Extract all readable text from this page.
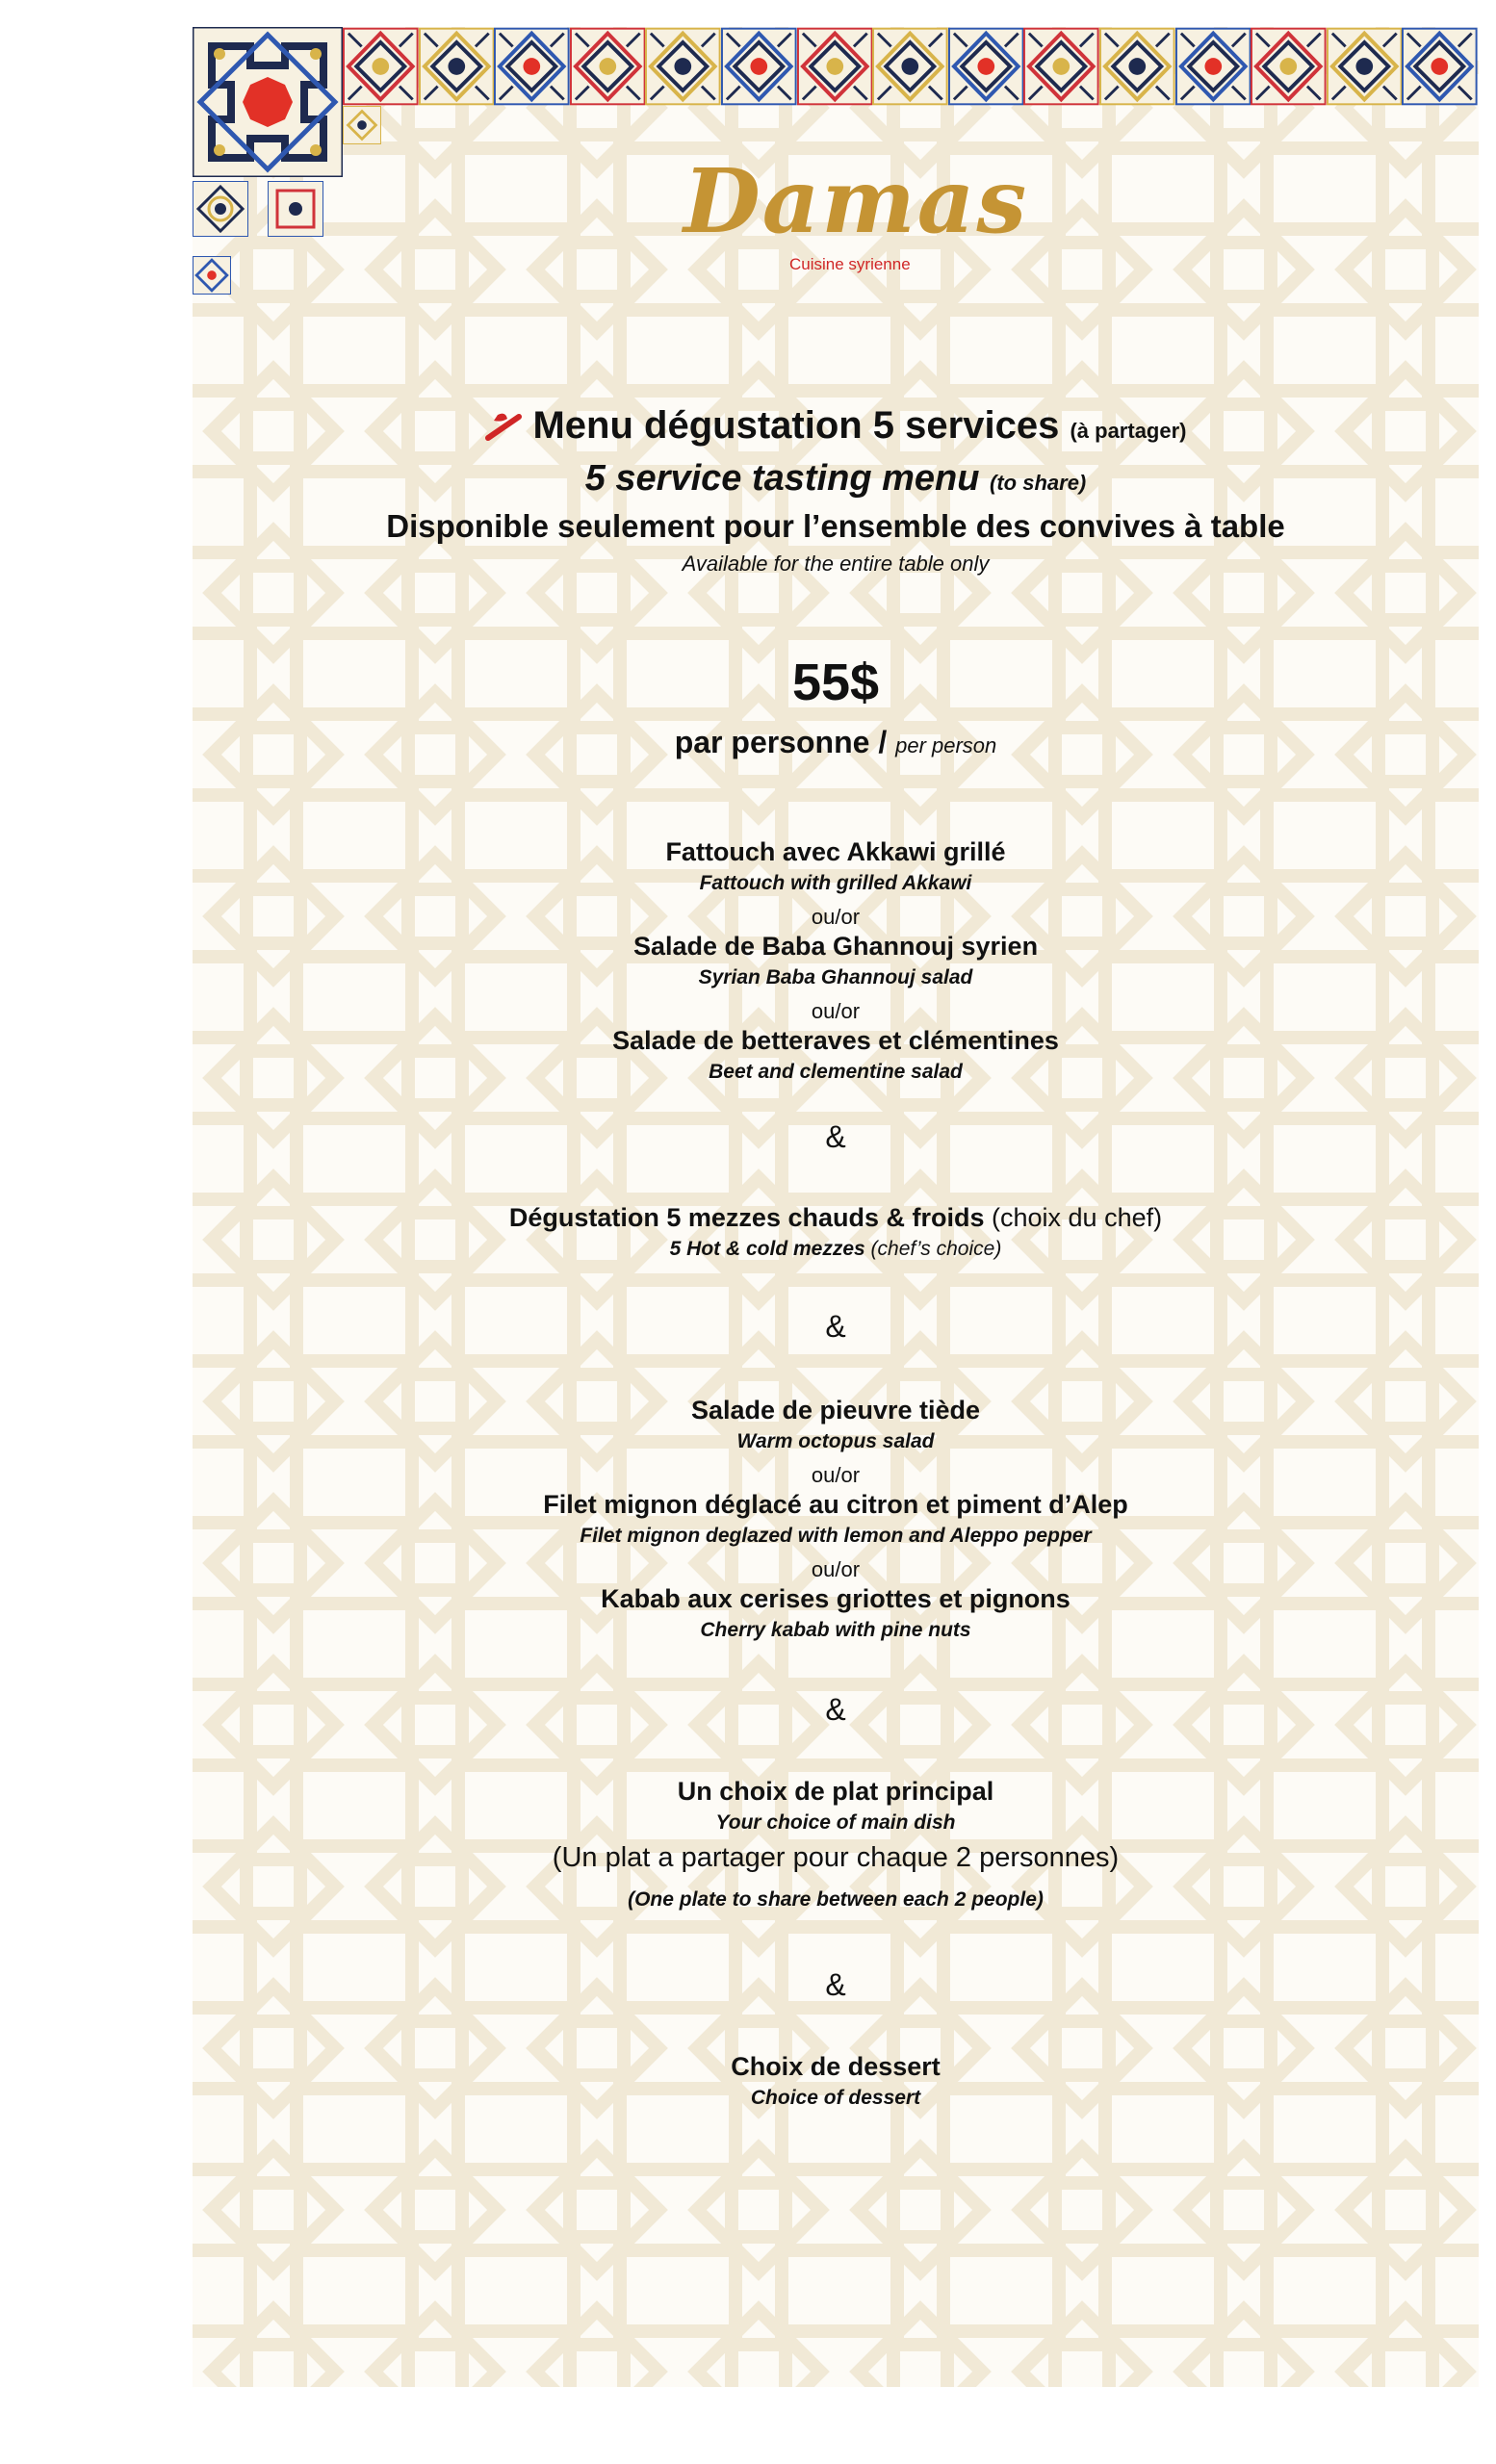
Damas
Cuisine syrienne
Menu dégustation 5 services (à partager)
5 service tasting menu (to share)
Disponible seulement pour l’ensemble des convives à table
Available for the entire table only
55$
par personne / per person
Fattouch avec Akkawi grillé
Fattouch with grilled Akkawi
ou/or
Salade de Baba Ghannouj syrien
Syrian Baba Ghannouj salad
ou/or
Salade de betteraves et clémentines
Beet and clementine salad
&
Dégustation 5 mezzes chauds & froids (choix du chef)
5 Hot & cold mezzes (chef’s choice)
&
Salade de pieuvre tiède
Warm octopus salad
ou/or
Filet mignon déglacé au citron et piment d’Alep
Filet mignon deglazed with lemon and Aleppo pepper
ou/or
Kabab aux cerises griottes et pignons
Cherry kabab with pine nuts
&
Un choix de plat principal
Your choice of main dish
(Un plat a partager pour chaque 2 personnes)
(One plate to share between each 2 people)
&
Choix de dessert
Choice of dessert
